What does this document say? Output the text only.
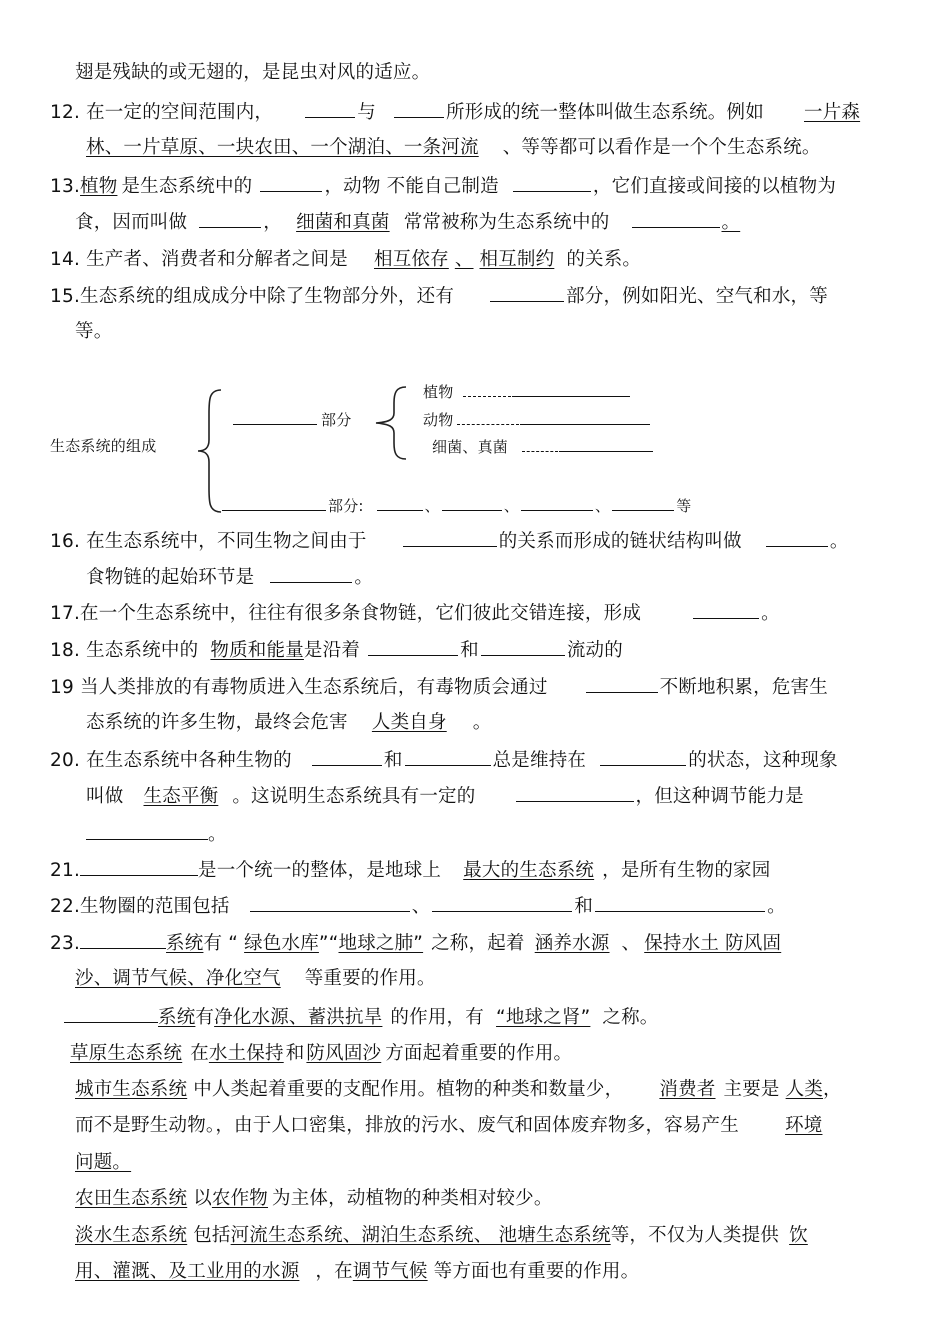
翅是残缺的或无翅的，是昆虫对风的适应。
12. 在一定的空间范围内，	与	所形成的统一整体叫做生态系统。例如 一片森
林、一片草原、一块农田、一个湖泊、一条河流 、等等都可以看作是一个个生态系统。
13.植物 是生态系统中的	，动物 不能自己制造	，它们直接或间接的以植物为
食，因而叫做	， 细菌和真菌 常常被称为生态系统中的	。
14. 生产者、消费者和分解者之间是 相互依存 、 相互制约 的关系。
15.生态系统的组成成分中除了生物部分外，还有	部分，例如阳光、空气和水，等
等。
生态系统的组成
部分
植物
动物
细菌、真菌
部分:	、	、	、	等
16. 在生态系统中，不同生物之间由于	的关系而形成的链状结构叫做	。
食物链的起始环节是	。
17.在一个生态系统中，往往有很多条食物链，它们彼此交错连接，形成	。
18. 生态系统中的 物质和能量是沿着	和	流动的
19 当人类排放的有毒物质进入生态系统后，有毒物质会通过	不断地积累，危害生
态系统的许多生物，最终会危害 人类自身 。
20. 在生态系统中各种生物的	和	总是维持在	的状态，这种现象
叫做 生态平衡 。这说明生态系统具有一定的	，但这种调节能力是
。
21.	是一个统一的整体，是地球上 最大的生态系统 ，是所有生物的家园
22.生物圈的范围包括	、	和	。
23.	系统有 “ 绿色水库”“地球之肺” 之称，起着 涵养水源 、 保持水土 防风固
沙、调节气候、净化空气 等重要的作用。
系统有净化水源、蓄洪抗旱 的作用，有 “地球之肾” 之称。
草原生态系统 在水土保持 和 防风固沙 方面起着重要的作用。
城市生态系统 中人类起着重要的支配作用。植物的种类和数量少， 消费者 主要是 人类，
而不是野生动物。，由于人口密集，排放的污水、废气和固体废弃物多，容易产生 环境
问题。
农田生态系统 以农作物 为主体，动植物的种类相对较少。
淡水生态系统 包括河流生态系统、湖泊生态系统、 池塘生态系统等，不仅为人类提供 饮
用、灌溉、及工业用的水源 ，在调节气候 等方面也有重要的作用。
